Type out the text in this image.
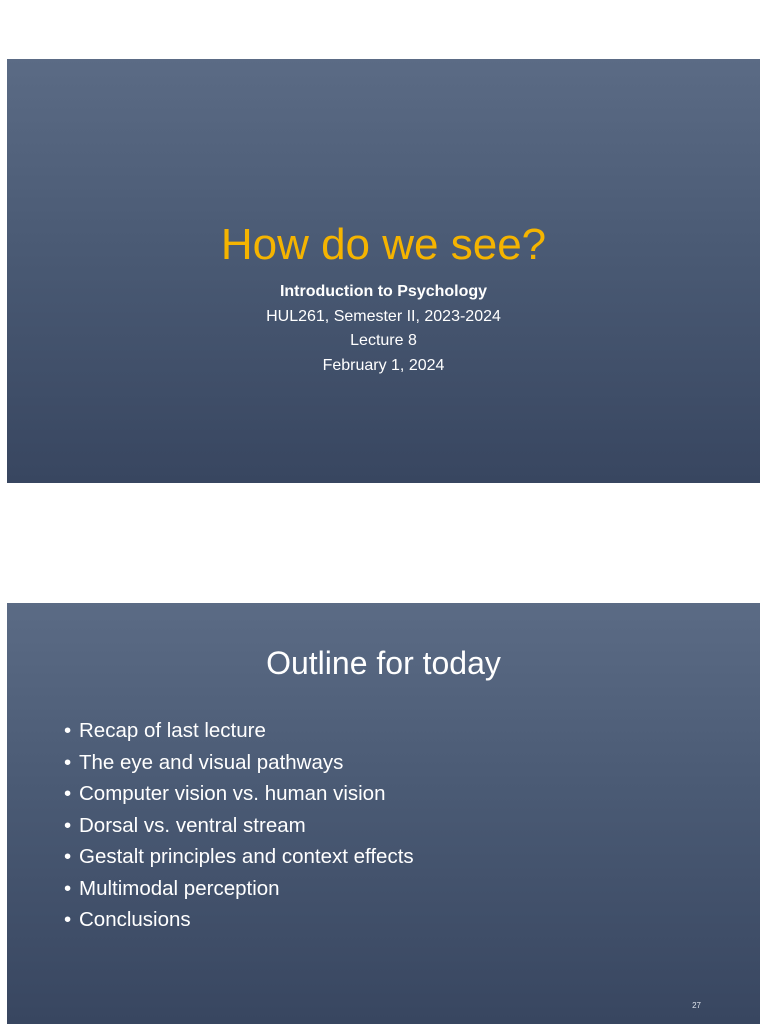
How do we see?
Introduction to Psychology
HUL261, Semester II, 2023-2024
Lecture 8
February 1, 2024
Outline for today
• Recap of last lecture
• The eye and visual pathways
• Computer vision vs. human vision
• Dorsal vs. ventral stream
• Gestalt principles and context effects
• Multimodal perception
• Conclusions
27
